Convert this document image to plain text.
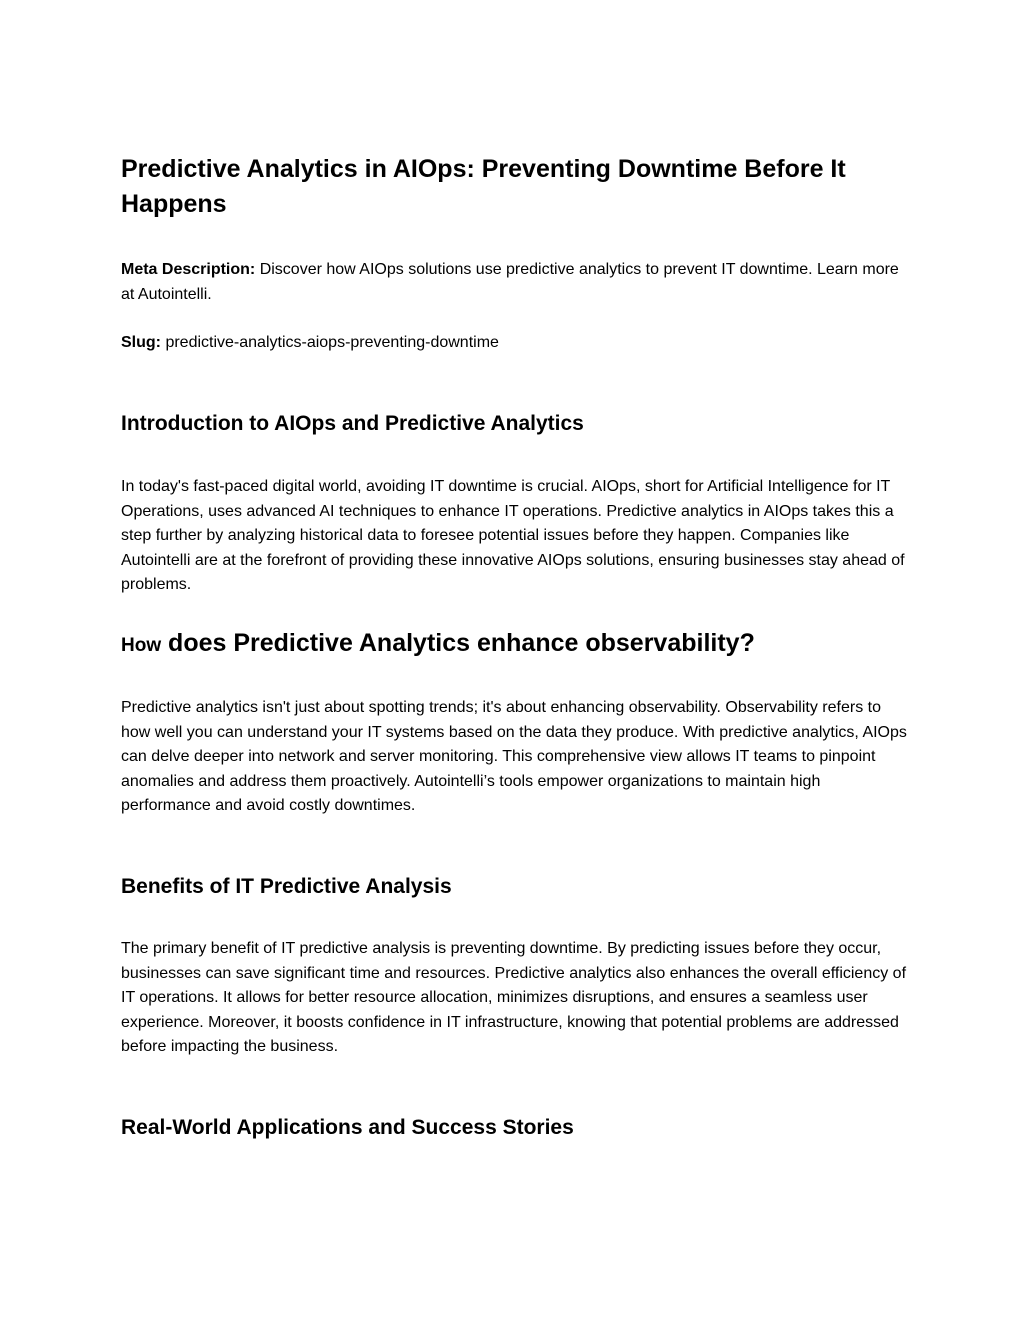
Predictive Analytics in AIOps: Preventing Downtime Before It Happens

Meta Description: Discover how AIOps solutions use predictive analytics to prevent IT downtime. Learn more at Autointelli.

Slug: predictive-analytics-aiops-preventing-downtime

Introduction to AIOps and Predictive Analytics

In today's fast-paced digital world, avoiding IT downtime is crucial. AIOps, short for Artificial Intelligence for IT Operations, uses advanced AI techniques to enhance IT operations. Predictive analytics in AIOps takes this a step further by analyzing historical data to foresee potential issues before they happen. Companies like Autointelli are at the forefront of providing these innovative AIOps solutions, ensuring businesses stay ahead of problems.

How does Predictive Analytics enhance observability?

Predictive analytics isn't just about spotting trends; it's about enhancing observability. Observability refers to how well you can understand your IT systems based on the data they produce. With predictive analytics, AIOps can delve deeper into network and server monitoring. This comprehensive view allows IT teams to pinpoint anomalies and address them proactively. Autointelli’s tools empower organizations to maintain high performance and avoid costly downtimes.

Benefits of IT Predictive Analysis

The primary benefit of IT predictive analysis is preventing downtime. By predicting issues before they occur, businesses can save significant time and resources. Predictive analytics also enhances the overall efficiency of IT operations. It allows for better resource allocation, minimizes disruptions, and ensures a seamless user experience. Moreover, it boosts confidence in IT infrastructure, knowing that potential problems are addressed before impacting the business.

Real-World Applications and Success Stories
